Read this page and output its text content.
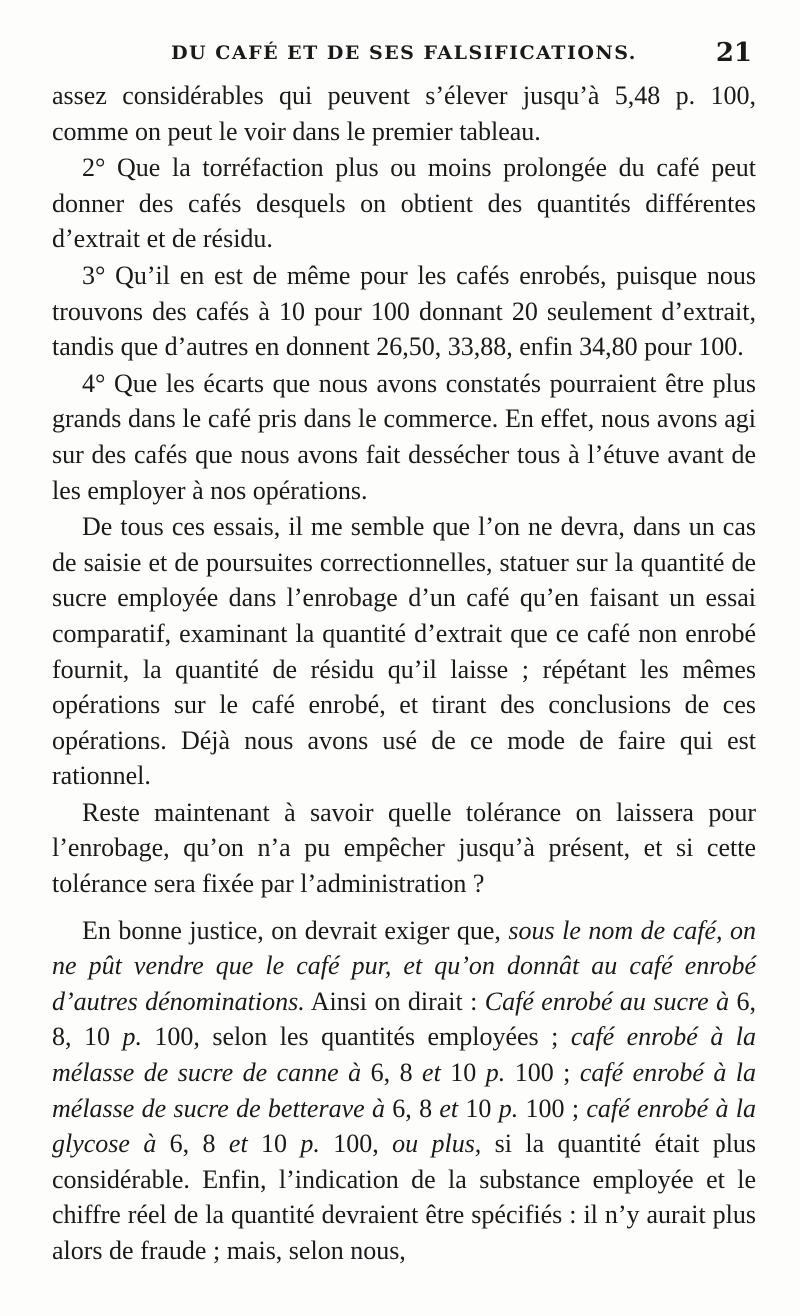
DU CAFÉ ET DE SES FALSIFICATIONS.	21

assez considérables qui peuvent s’élever jusqu’à 5,48 p. 100, comme on peut le voir dans le premier tableau.

2° Que la torréfaction plus ou moins prolongée du café peut donner des cafés desquels on obtient des quantités différentes d’extrait et de résidu.

3° Qu’il en est de même pour les cafés enrobés, puisque nous trouvons des cafés à 10 pour 100 donnant 20 seulement d’extrait, tandis que d’autres en donnent 26,50, 33,88, enfin 34,80 pour 100.

4° Que les écarts que nous avons constatés pourraient être plus grands dans le café pris dans le commerce. En effet, nous avons agi sur des cafés que nous avons fait dessécher tous à l’étuve avant de les employer à nos opérations.

De tous ces essais, il me semble que l’on ne devra, dans un cas de saisie et de poursuites correctionnelles, statuer sur la quantité de sucre employée dans l’enrobage d’un café qu’en faisant un essai comparatif, examinant la quantité d’extrait que ce café non enrobé fournit, la quantité de résidu qu’il laisse ; répétant les mêmes opérations sur le café enrobé, et tirant des conclusions de ces opérations. Déjà nous avons usé de ce mode de faire qui est rationnel.

Reste maintenant à savoir quelle tolérance on laissera pour l’enrobage, qu’on n’a pu empêcher jusqu’à présent, et si cette tolérance sera fixée par l’administration ?

En bonne justice, on devrait exiger que, sous le nom de café, on ne pût vendre que le café pur, et qu’on donnât au café enrobé d’autres dénominations. Ainsi on dirait : Café enrobé au sucre à 6, 8, 10 p. 100, selon les quantités employées ; café enrobé à la mélasse de sucre de canne à 6, 8 et 10 p. 100 ; café enrobé à la mélasse de sucre de betterave à 6, 8 et 10 p. 100 ; café enrobé à la glycose à 6, 8 et 10 p. 100, ou plus, si la quantité était plus considérable. Enfin, l’indication de la substance employée et le chiffre réel de la quantité devraient être spécifiés : il n’y aurait plus alors de fraude ; mais, selon nous,
